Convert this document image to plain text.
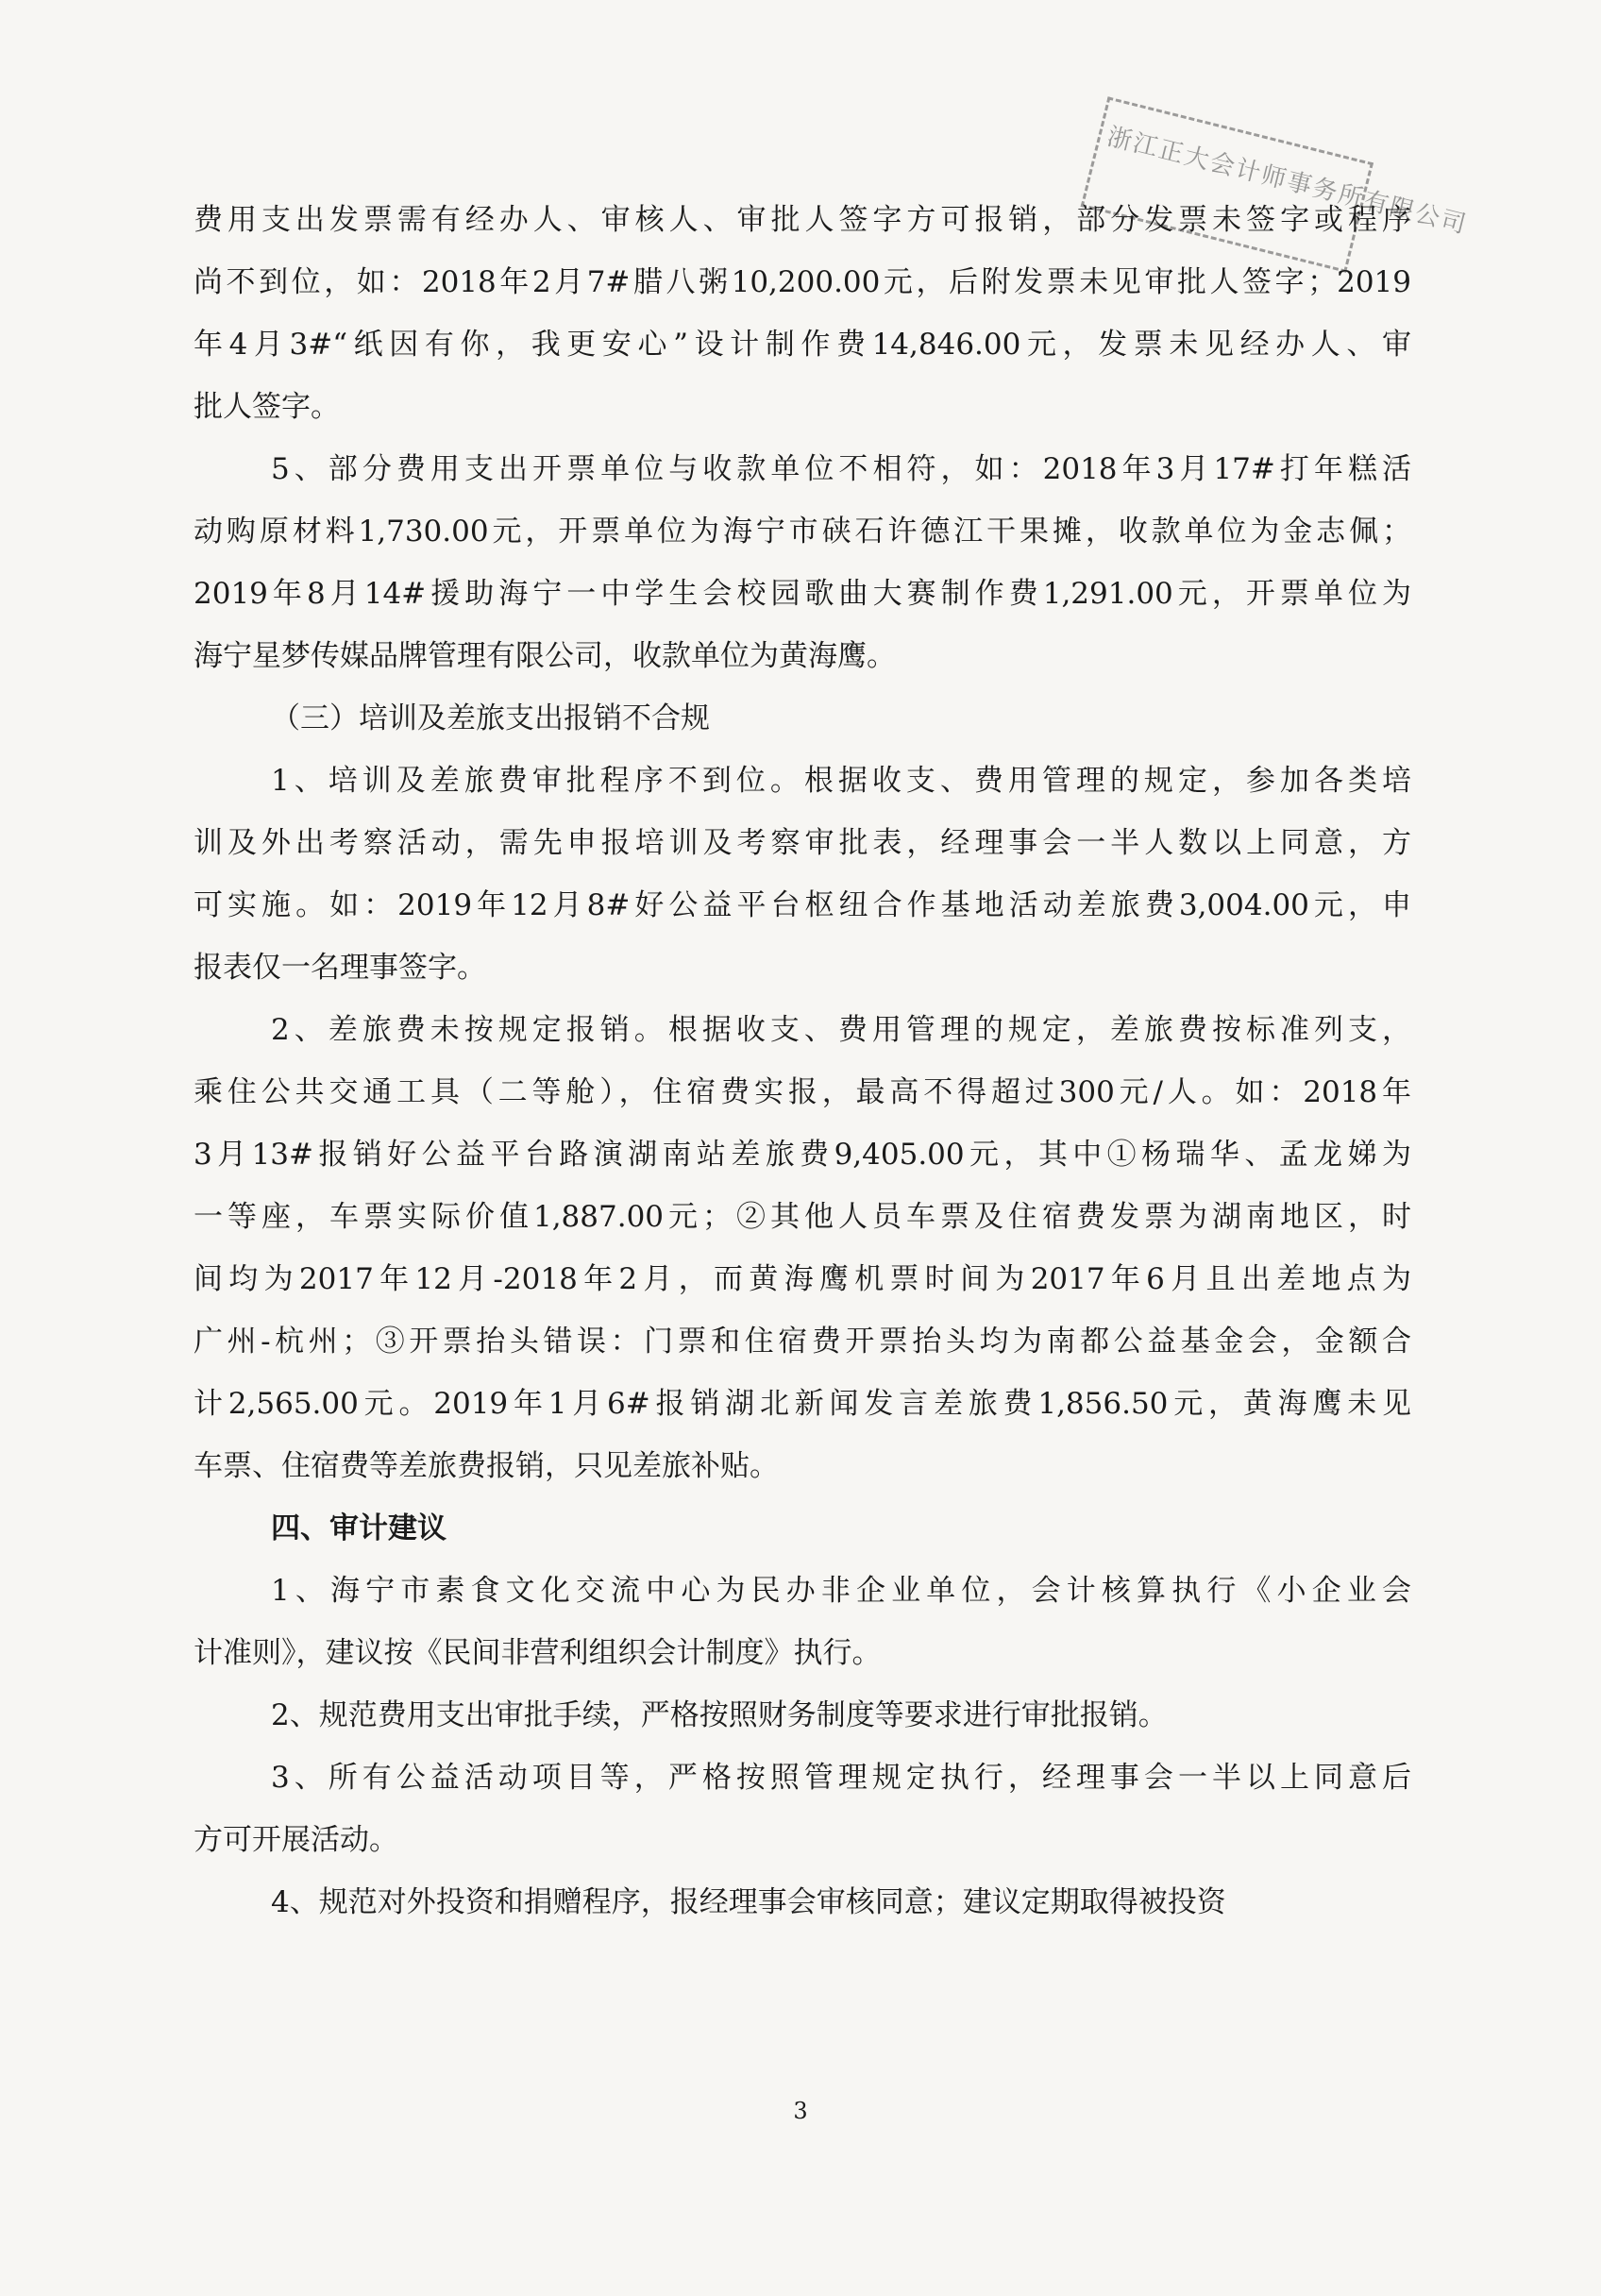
浙江正大会计师事务所有限公司
费用支出发票需有经办人、审核人、审批人签字方可报销，部分发票未签字或程序
尚不到位，如：2018年2月7#腊八粥10,200.00元，后附发票未见审批人签字；2019
年4月3#“纸因有你，我更安心”设计制作费14,846.00元，发票未见经办人、审
批人签字。
5、部分费用支出开票单位与收款单位不相符，如：2018年3月17#打年糕活
动购原材料1,730.00元，开票单位为海宁市硖石许德江干果摊，收款单位为金志佩；
2019年8月14#援助海宁一中学生会校园歌曲大赛制作费1,291.00元，开票单位为
海宁星梦传媒品牌管理有限公司，收款单位为黄海鹰。
（三）培训及差旅支出报销不合规
1、培训及差旅费审批程序不到位。根据收支、费用管理的规定，参加各类培
训及外出考察活动，需先申报培训及考察审批表，经理事会一半人数以上同意，方
可实施。如：2019年12月8#好公益平台枢纽合作基地活动差旅费3,004.00元，申
报表仅一名理事签字。
2、差旅费未按规定报销。根据收支、费用管理的规定，差旅费按标准列支，
乘住公共交通工具（二等舱），住宿费实报，最高不得超过300元/人。如：2018年
3月13#报销好公益平台路演湖南站差旅费9,405.00元，其中①杨瑞华、孟龙娣为
一等座，车票实际价值1,887.00元；②其他人员车票及住宿费发票为湖南地区，时
间均为2017年12月-2018年2月，而黄海鹰机票时间为2017年6月且出差地点为
广州-杭州；③开票抬头错误：门票和住宿费开票抬头均为南都公益基金会，金额合
计2,565.00元。2019年1月6#报销湖北新闻发言差旅费1,856.50元，黄海鹰未见
车票、住宿费等差旅费报销，只见差旅补贴。
四、审计建议
1、海宁市素食文化交流中心为民办非企业单位，会计核算执行《小企业会
计准则》，建议按《民间非营利组织会计制度》执行。
2、规范费用支出审批手续，严格按照财务制度等要求进行审批报销。
3、所有公益活动项目等，严格按照管理规定执行，经理事会一半以上同意后
方可开展活动。
4、规范对外投资和捐赠程序，报经理事会审核同意；建议定期取得被投资
3
